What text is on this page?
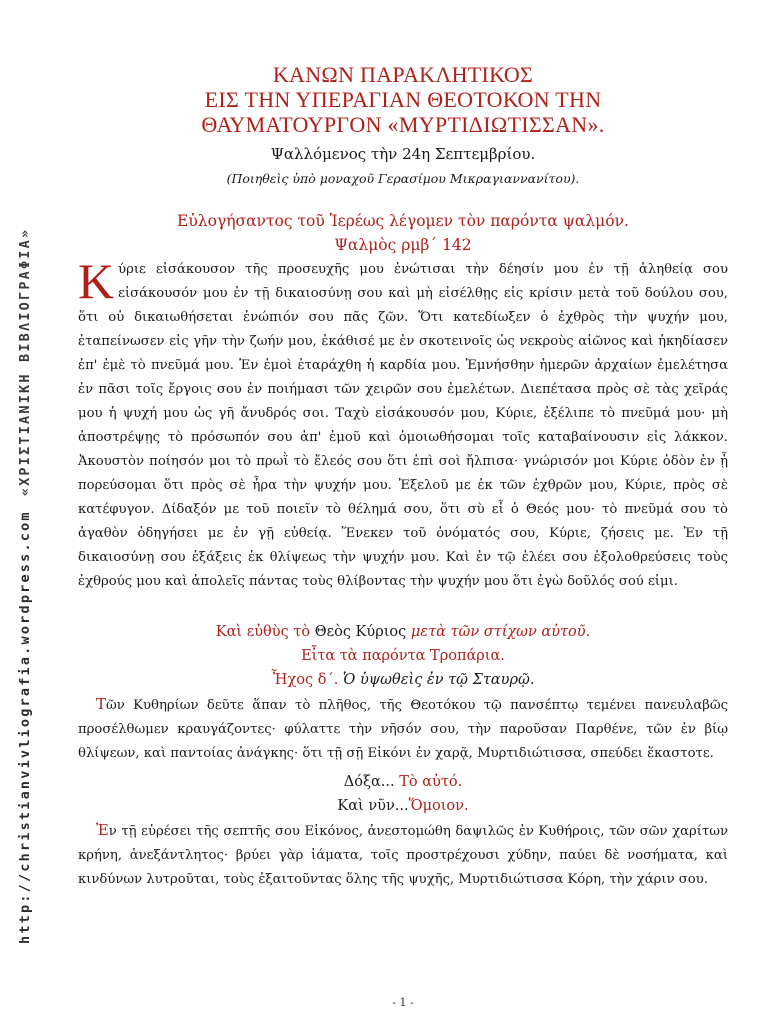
http://christianvivliografia.wordpress.com
«ΧΡΙΣΤΙΑΝΙΚΗ ΒΙΒΛΙΟΓΡΑΦΙΑ»
ΚΑΝΩΝ ΠΑΡΑΚΛΗΤΙΚΟΣ
ΕΙΣ ΤΗΝ ΥΠΕΡΑΓΙΑΝ ΘΕΟΤΟΚΟΝ ΤΗΝ
ΘΑΥΜΑΤΟΥΡΓΟΝ «ΜΥΡΤΙΔΙΩΤΙΣΣΑΝ».
Ψαλλόμενος τὴν 24η Σεπτεμβρίου.
(Ποιηθεὶς ὑπὸ μοναχοῦ Γερασίμου Μικραγιαννανίτου).
Εὐλογήσαντος τοῦ Ἱερέως λέγομεν τὸν παρόντα ψαλμόν.
Ψαλμὸς ρμβ΄ 142

Κύριε εἰσάκουσον τῆς προσευχῆς μου ἐνώτισαι τὴν δέησίν μου ἐν τῇ ἀληθείᾳ σου εἰσάκουσόν μου ἐν τῇ δικαιοσύνῃ σου καὶ μὴ εἰσέλθῃς εἰς κρίσιν μετὰ τοῦ δούλου σου, ὅτι οὐ δικαιωθήσεται ἐνώπιόν σου πᾶς ζῶν. Ὅτι κατεδίωξεν ὁ ἐχθρὸς τὴν ψυχήν μου, ἐταπείνωσεν εἰς γῆν τὴν ζωήν μου, ἐκάθισέ με ἐν σκοτεινοῖς ὡς νεκροὺς αἰῶνος καὶ ἠκηδίασεν ἐπ' ἐμὲ τὸ πνεῦμά μου. Ἐν ἐμοὶ ἐταράχθη ἡ καρδία μου. Ἐμνήσθην ἡμερῶν ἀρχαίων ἐμελέτησα ἐν πᾶσι τοῖς ἔργοις σου ἐν ποιήμασι τῶν χειρῶν σου ἐμελέτων. Διεπέτασα πρὸς σὲ τὰς χεῖράς μου ἡ ψυχή μου ὡς γῆ ἄνυδρός σοι. Ταχὺ εἰσάκουσόν μου, Κύριε, ἐξέλιπε τὸ πνεῦμά μου· μὴ ἀποστρέψῃς τὸ πρόσωπόν σου ἀπ' ἐμοῦ καὶ ὁμοιωθήσομαι τοῖς καταβαίνουσιν εἰς λάκκον. Ἀκουστὸν ποίησόν μοι τὸ πρωῒ τὸ ἔλεός σου ὅτι ἐπὶ σοὶ ἤλπισα· γνώρισόν μοι Κύριε ὁδὸν ἐν ᾗ πορεύσομαι ὅτι πρὸς σὲ ἦρα τὴν ψυχήν μου. Ἐξελοῦ με ἐκ τῶν ἐχθρῶν μου, Κύριε, πρὸς σὲ κατέφυγον. Δίδαξόν με τοῦ ποιεῖν τὸ θέλημά σου, ὅτι σὺ εἶ ὁ Θεός μου· τὸ πνεῦμά σου τὸ ἀγαθὸν ὁδηγήσει με ἐν γῇ εὐθείᾳ. Ἕνεκεν τοῦ ὀνόματός σου, Κύριε, ζήσεις με. Ἐν τῇ δικαιοσύνῃ σου ἐξάξεις ἐκ θλίψεως τὴν ψυχήν μου. Καὶ ἐν τῷ ἐλέει σου ἐξολοθρεύσεις τοὺς ἐχθρούς μου καὶ ἀπολεῖς πάντας τοὺς θλίβοντας τὴν ψυχήν μου ὅτι ἐγὼ δοῦλός σού εἰμι.

Καὶ εὐθὺς τὸ Θεὸς Κύριος μετὰ τῶν στίχων αὐτοῦ.
Εἶτα τὰ παρόντα Τροπάρια.
Ἦχος δ΄. Ὁ ὑψωθεὶς ἐν τῷ Σταυρῷ.

Τῶν Κυθηρίων δεῦτε ἅπαν τὸ πλῆθος, τῆς Θεοτόκου τῷ πανσέπτῳ τεμένει πανευλαβῶς προσέλθωμεν κραυγάζοντες· φύλαττε τὴν νῆσόν σου, τὴν παροῦσαν Παρθένε, τῶν ἐν βίῳ θλίψεων, καὶ παντοίας ἀνάγκης· ὅτι τῇ σῇ Εἰκόνι ἐν χαρᾷ, Μυρτιδιώτισσα, σπεύδει ἕκαστοτε.

Δόξα... Τὸ αὐτό.
Καὶ νῦν...Ὅμοιον.

Ἐν τῇ εὑρέσει τῆς σεπτῆς σου Εἰκόνος, ἀνεστομώθη δαψιλῶς ἐν Κυθήροις, τῶν σῶν χαρίτων κρήνη, ἀνεξάντλητος· βρύει γὰρ ἰάματα, τοῖς προστρέχουσι χύδην, παύει δὲ νοσήματα, καὶ κινδύνων λυτροῦται, τοὺς ἐξαιτοῦντας ὅλης τῆς ψυχῆς, Μυρτιδιώτισσα Κόρη, τὴν χάριν σου.

- 1 -
